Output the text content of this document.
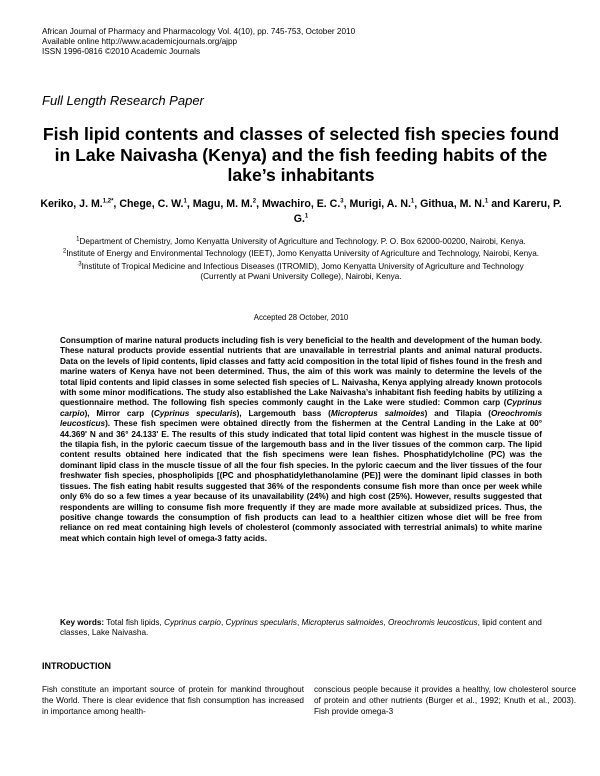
African Journal of Pharmacy and Pharmacology Vol. 4(10), pp. 745-753, October 2010
Available online http://www.academicjournals.org/ajpp
ISSN 1996-0816 ©2010 Academic Journals
Full Length Research Paper
Fish lipid contents and classes of selected fish species found in Lake Naivasha (Kenya) and the fish feeding habits of the lake’s inhabitants
Keriko, J. M.$^{1,2*}$, Chege, C. W.$^1$, Magu, M. M.$^2$, Mwachiro, E. C.$^3$, Murigi, A. N.$^1$, Githua, M. N.$^1$ and Kareru, P. G.$^1$

$^1$Department of Chemistry, Jomo Kenyatta University of Agriculture and Technology. P. O. Box 62000-00200, Nairobi, Kenya.

$^2$Institute of Energy and Environmental Technology (IEET), Jomo Kenyatta University of Agriculture and Technology, Nairobi, Kenya.

$^3$Institute of Tropical Medicine and Infectious Diseases (ITROMID), Jomo Kenyatta University of Agriculture and Technology (Currently at Pwani University College), Nairobi, Kenya.

Accepted 28 October, 2010

Consumption of marine natural products including fish is very beneficial to the health and development of the human body. These natural products provide essential nutrients that are unavailable in terrestrial plants and animal natural products. Data on the levels of lipid contents, lipid classes and fatty acid composition in the total lipid of fishes found in the fresh and marine waters of Kenya have not been determined. Thus, the aim of this work was mainly to determine the levels of the total lipid contents and lipid classes in some selected fish species of L. Naivasha, Kenya applying already known protocols with some minor modifications. The study also established the Lake Naivasha’s inhabitant fish feeding habits by utilizing a questionnaire method. The following fish species commonly caught in the Lake were studied: Common carp (Cyprinus carpio), Mirror carp (Cyprinus specularis), Largemouth bass (Micropterus salmoides) and Tilapia (Oreochromis leucosticus). These fish specimen were obtained directly from the fishermen at the Central Landing in the Lake at 00° 44.369' N and 36° 24.133' E. The results of this study indicated that total lipid content was highest in the muscle tissue of the tilapia fish, in the pyloric caecum tissue of the largemouth bass and in the liver tissues of the common carp. The lipid content results obtained here indicated that the fish specimens were lean fishes. Phosphatidylcholine (PC) was the dominant lipid class in the muscle tissue of all the four fish species. In the pyloric caecum and the liver tissues of the four freshwater fish species, phospholipids [(PC and phosphatidylethanolamine (PE)] were the dominant lipid classes in both tissues. The fish eating habit results suggested that 36% of the respondents consume fish more than once per week while only 6% do so a few times a year because of its unavailability (24%) and high cost (25%). However, results suggested that respondents are willing to consume fish more frequently if they are made more available at subsidized prices. Thus, the positive change towards the consumption of fish products can lead to a healthier citizen whose diet will be free from reliance on red meat containing high levels of cholesterol (commonly associated with terrestrial animals) to white marine meat which contain high level of omega-3 fatty acids.

Key words: Total fish lipids, Cyprinus carpio, Cyprinus specularis, Micropterus salmoides, Oreochromis leucosticus, lipid content and classes, Lake Naivasha.

INTRODUCTION

Fish constitute an important source of protein for mankind throughout the World. There is clear evidence that fish consumption has increased in importance among health-

conscious people because it provides a healthy, low cholesterol source of protein and other nutrients (Burger et al., 1992; Knuth et al., 2003). Fish provide omega-3
